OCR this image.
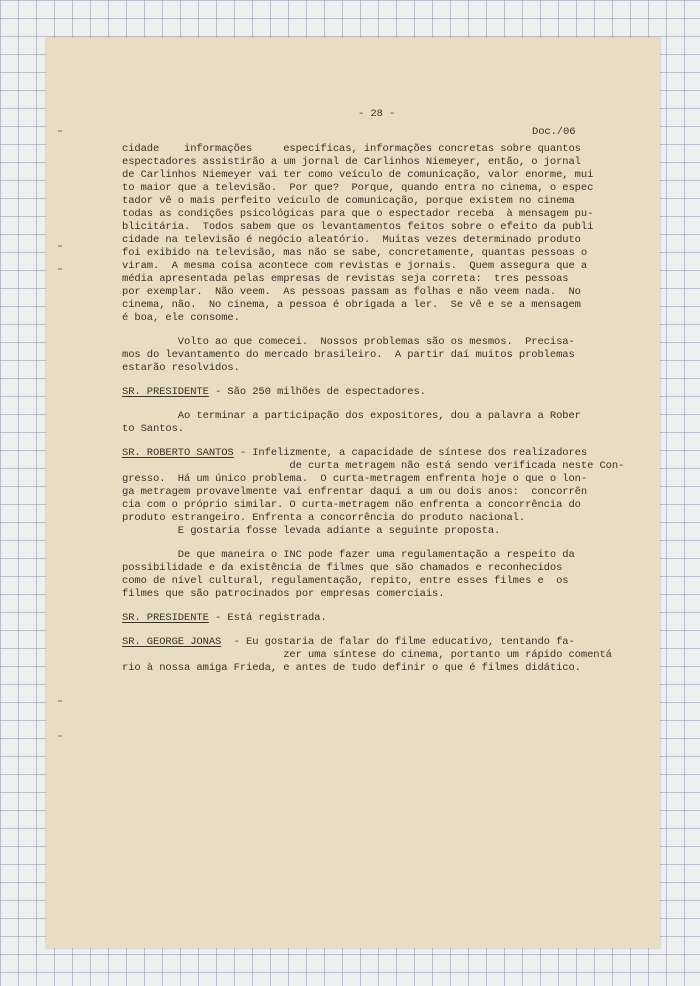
- 28 -
Doc./06
cidade    informações     específicas, informações concretas sobre quantos
espectadores assistirão a um jornal de Carlinhos Niemeyer, então, o jornal
de Carlinhos Niemeyer vai ter como veículo de comunicação, valor enorme, mui
to maior que a televisão.  Por que?  Porque, quando entra no cinema, o espec
tador vê o mais perfeito veículo de comunicação, porque existem no cinema
todas as condições psicológicas para que o espectador receba  à mensagem pu-
blicitária.  Todos sabem que os levantamentos feitos sobre o efeito da publi
cidade na televisão é negócio aleatório.  Muitas vezes determinado produto
foi exibido na televisão, mas não se sabe, concretamente, quantas pessoas o
viram.  A mesma coisa acontece com revistas e jornais.  Quem assegura que a
média apresentada pelas empresas de revistas seja correta:  tres pessoas
por exemplar.  Não veem.  As pessoas passam as folhas e não veem nada.  No
cinema, não.  No cinema, a pessoa é obrigada a ler.  Se vê e se a mensagem
é boa, ele consome.
Volto ao que comecei.  Nossos problemas são os mesmos.  Precisa-
mos do levantamento do mercado brasileiro.  A partir daí muitos problemas
estarão resolvidos.
SR. PRESIDENTE - São 250 milhões de espectadores.
Ao terminar a participação dos expositores, dou a palavra a Rober
to Santos.
SR. ROBERTO SANTOS - Infelizmente, a capacidade de síntese dos realizadores
de curta metragem não está sendo verificada neste Con-
gresso.  Há um único problema.  O curta-metragem enfrenta hoje o que o lon-
ga metragem provavelmente vai enfrentar daqui a um ou dois anos:  concorrên
cia com o próprio similar. O curta-metragem não enfrenta a concorrência do
produto estrangeiro. Enfrenta a concorrência do produto nacional.
E gostaria fosse levada adiante a seguinte proposta.
De que maneira o INC pode fazer uma regulamentação a respeito da
possibilidade e da existência de filmes que são chamados e reconhecidos
como de nível cultural, regulamentação, repito, entre esses filmes e  os
filmes que são patrocinados por empresas comerciais.
SR. PRESIDENTE - Está registrada.
SR. GEORGE JONAS  - Eu gostaria de falar do filme educativo, tentando fa-
zer uma síntese do cinema, portanto um rápido comentá
rio à nossa amiga Frieda, e antes de tudo definir o que é filmes didático.
